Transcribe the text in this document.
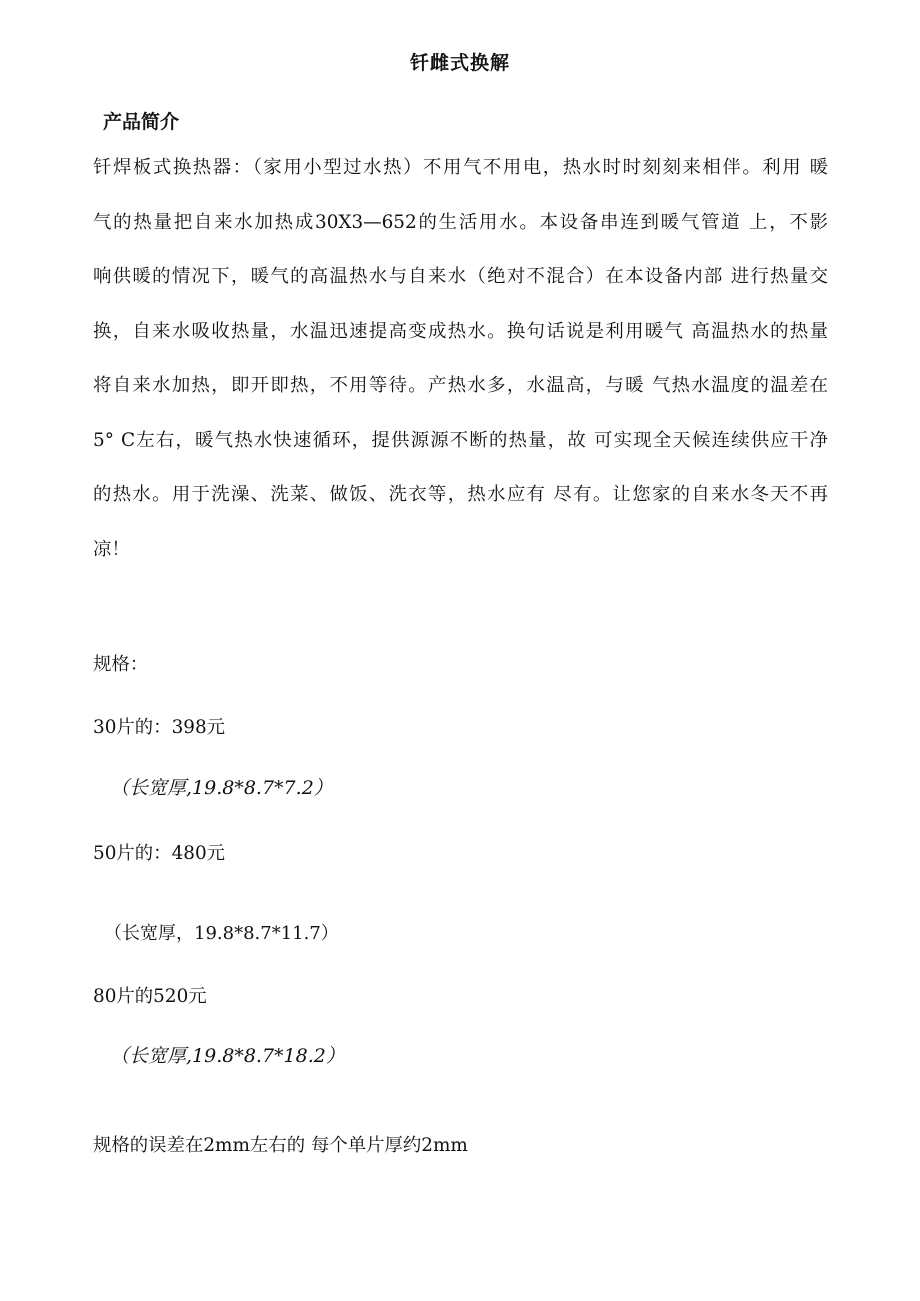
钎雌式换解
产品简介
钎焊板式换热器：（家用小型过水热）不用气不用电，热水时时刻刻来相伴。利用 暖
气的热量把自来水加热成30X3—652的生活用水。本设备串连到暖气管道 上，不影
响供暖的情况下，暖气的高温热水与自来水（绝对不混合）在本设备内部 进行热量交
换，自来水吸收热量，水温迅速提高变成热水。换句话说是利用暖气 高温热水的热量
将自来水加热，即开即热，不用等待。产热水多，水温高，与暖 气热水温度的温差在
5° C左右，暖气热水快速循环，提供源源不断的热量，故 可实现全天候连续供应干净
的热水。用于洗澡、洗菜、做饭、洗衣等，热水应有 尽有。让您家的自来水冬天不再
凉！
规格：
30片的：398元
（长宽厚,19.8*8.7*7.2）
50片的：480元
（长宽厚，19.8*8.7*11.7）
80片的520元
（长宽厚,19.8*8.7*18.2）
规格的误差在2mm左右的 每个单片厚约2mm
